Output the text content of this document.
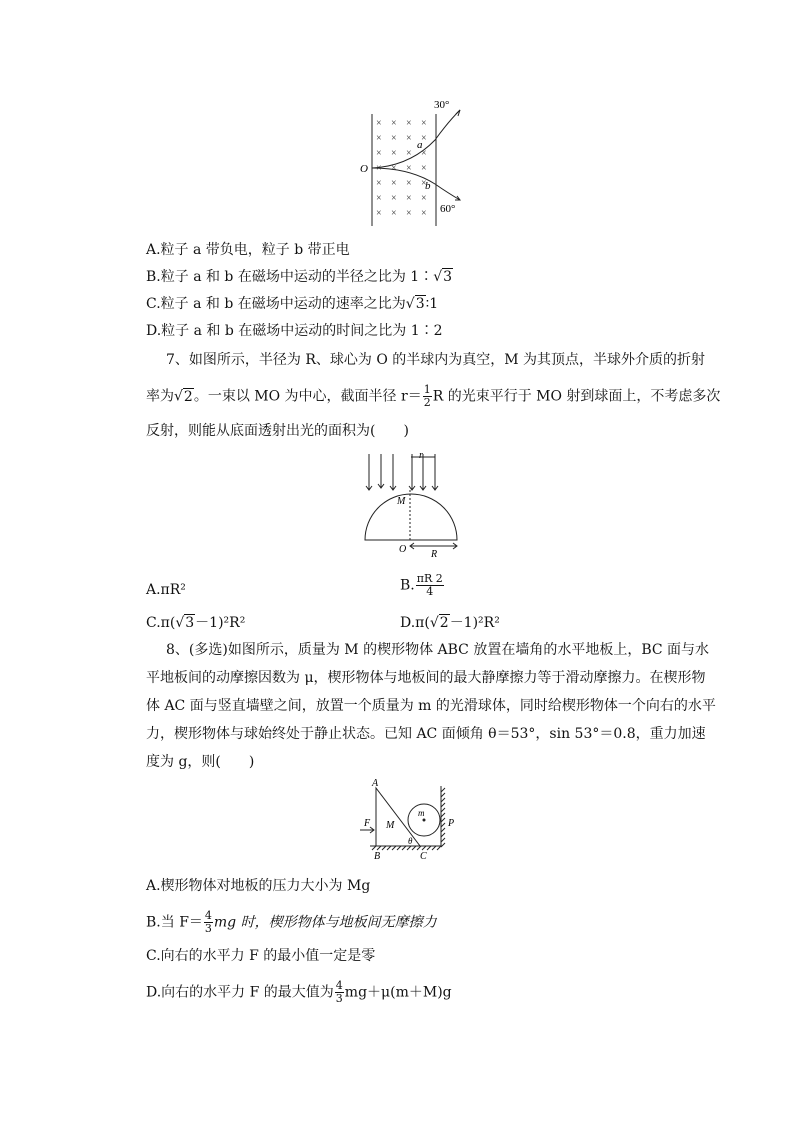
× × × ×
× × × ×
× × × ×
× × × ×
× × × ×
× × × ×
× × × ×
30°
60°
O
a
b
A.粒子 a 带负电，粒子 b 带正电
B.粒子 a 和 b 在磁场中运动的半径之比为 1∶√3
C.粒子 a 和 b 在磁场中运动的速率之比为√3∶1
D.粒子 a 和 b 在磁场中运动的时间之比为 1∶2
7、如图所示，半径为 R、球心为 O 的半球内为真空，M 为其顶点，半球外介质的折射
率为√2。一束以 MO 为中心，截面半径 $r= \frac{1}{2}$ R 的光束平行于 MO 射到球面上，不考虑多次
反射，则能从底面透射出光的面积为(　　)
r
M
O R
A.πR²	B. $\frac{\pi R 2}{4}$
C.π(√3－1)²R²	D.π(√2－1)²R²
8、(多选)如图所示，质量为 M 的楔形物体 ABC 放置在墙角的水平地板上，BC 面与水
平地板间的动摩擦因数为 μ，楔形物体与地板间的最大静摩擦力等于滑动摩擦力。在楔形物
体 AC 面与竖直墙壁之间，放置一个质量为 m 的光滑球体，同时给楔形物体一个向右的水平
力，楔形物体与球始终处于静止状态。已知 AC 面倾角 θ＝53°，sin 53°＝0.8，重力加速
度为 g，则(　　)
A
B	C
F M
m
P
θ
A.楔形物体对地板的压力大小为 Mg
B.当 $F= \frac{4}{3}$ mg 时，楔形物体与地板间无摩擦力
C.向右的水平力 F 的最小值一定是零
D.向右的水平力 F 的最大值为 $\frac{4}{3} mg+\mu(m+M)g$
